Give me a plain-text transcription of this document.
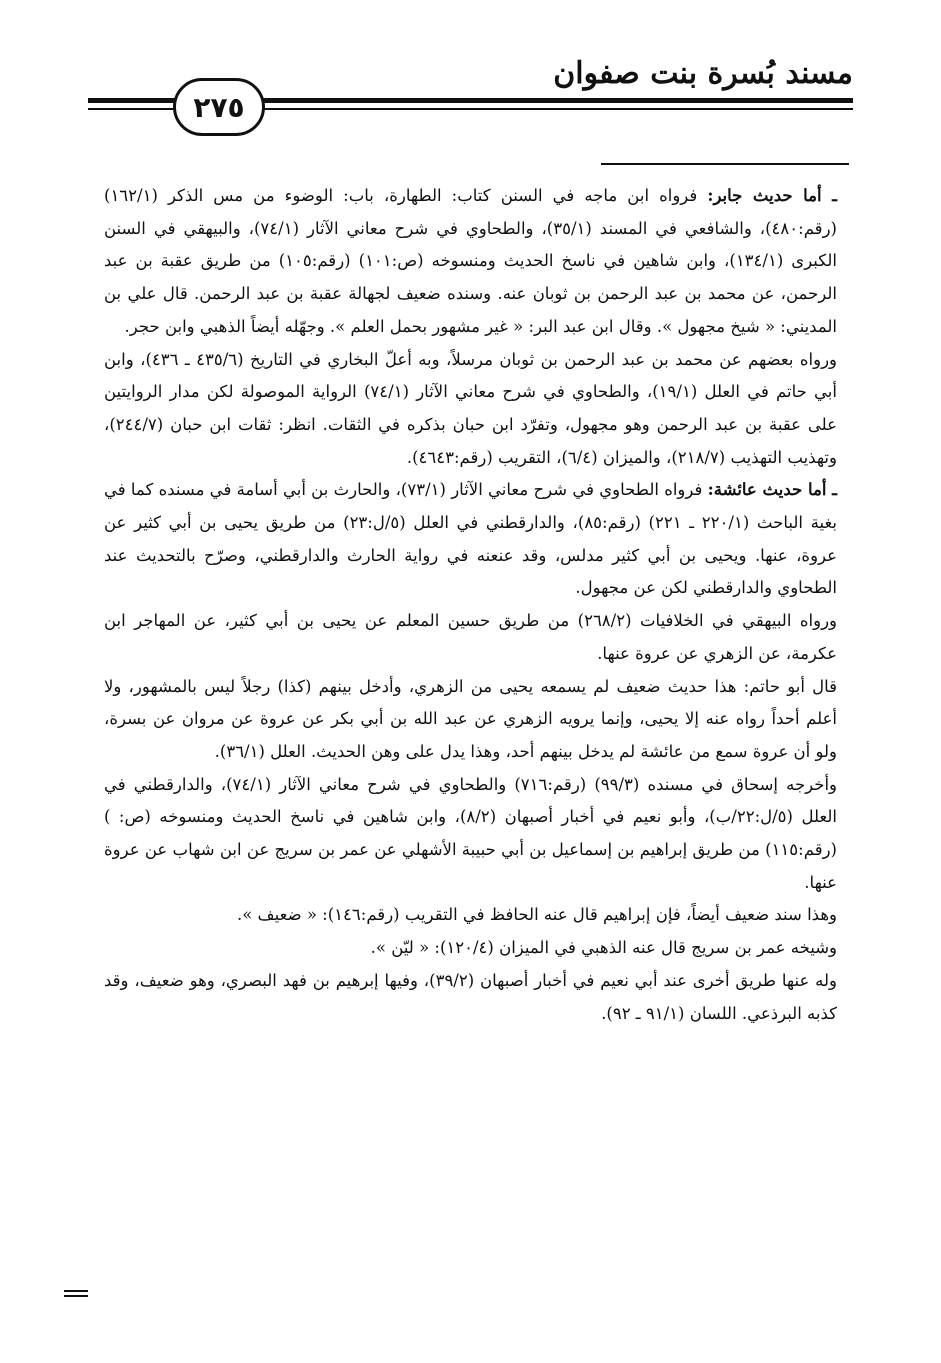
مسند بُسرة بنت صفوان
٢٧٥

ـ أما حديث جابر: فرواه ابن ماجه في السنن كتاب: الطهارة، باب: الوضوء من مس الذكر (١٦٢/١) (رقم:٤٨٠)، والشافعي في المسند (٣٥/١)، والطحاوي في شرح معاني الآثار (٧٤/١)، والبيهقي في السنن الكبرى (١٣٤/١)، وابن شاهين في ناسخ الحديث ومنسوخه (ص:١٠١) (رقم:١٠٥) من طريق عقبة بن عبد الرحمن، عن محمد بن عبد الرحمن بن ثوبان عنه. وسنده ضعيف لجهالة عقبة بن عبد الرحمن. قال علي بن المديني: « شيخ مجهول ». وقال ابن عبد البر: « غير مشهور بحمل العلم ». وجهّله أيضاً الذهبي وابن حجر.

ورواه بعضهم عن محمد بن عبد الرحمن بن ثوبان مرسلاً، وبه أعلّ البخاري في التاريخ (٤٣٥/٦ ـ ٤٣٦)، وابن أبي حاتم في العلل (١٩/١)، والطحاوي في شرح معاني الآثار (٧٤/١) الرواية الموصولة لكن مدار الروايتين على عقبة بن عبد الرحمن وهو مجهول، وتفرّد ابن حبان بذكره في الثقات. انظر: ثقات ابن حبان (٢٤٤/٧)، وتهذيب التهذيب (٢١٨/٧)، والميزان (٦/٤)، التقريب (رقم:٤٦٤٣).

ـ أما حديث عائشة: فرواه الطحاوي في شرح معاني الآثار (٧٣/١)، والحارث بن أبي أسامة في مسنده كما في بغية الباحث (٢٢٠/١ ـ ٢٢١) (رقم:٨٥)، والدارقطني في العلل (٥/ل:٢٣) من طريق يحيى بن أبي كثير عن عروة، عنها. ويحيى بن أبي كثير مدلس، وقد عنعنه في رواية الحارث والدارقطني، وصرّح بالتحديث عند الطحاوي والدارقطني لكن عن مجهول.

ورواه البيهقي في الخلافيات (٢٦٨/٢) من طريق حسين المعلم عن يحيى بن أبي كثير، عن المهاجر ابن عكرمة، عن الزهري عن عروة عنها.

قال أبو حاتم: هذا حديث ضعيف لم يسمعه يحيى من الزهري، وأدخل بينهم (كذا) رجلاً ليس بالمشهور، ولا أعلم أحداً رواه عنه إلا يحيى، وإنما يرويه الزهري عن عبد الله بن أبي بكر عن عروة عن مروان عن بسرة، ولو أن عروة سمع من عائشة لم يدخل بينهم أحد، وهذا يدل على وهن الحديث. العلل (٣٦/١).

وأخرجه إسحاق في مسنده (٩٩/٣) (رقم:٧١٦) والطحاوي في شرح معاني الآثار (٧٤/١)، والدارقطني في العلل (٥/ل:٢٢/ب)، وأبو نعيم في أخبار أصبهان (٨/٢)، وابن شاهين في ناسخ الحديث ومنسوخه (ص: ) (رقم:١١٥) من طريق إبراهيم بن إسماعيل بن أبي حبيبة الأشهلي عن عمر بن سريج عن ابن شهاب عن عروة عنها.

وهذا سند ضعيف أيضاً، فإن إبراهيم قال عنه الحافظ في التقريب (رقم:١٤٦): « ضعيف ».

وشيخه عمر بن سريج قال عنه الذهبي في الميزان (١٢٠/٤): « ليّن ».

وله عنها طريق أخرى عند أبي نعيم في أخبار أصبهان (٣٩/٢)، وفيها إبرهيم بن فهد البصري، وهو ضعيف، وقد كذبه البرذعي. اللسان (٩١/١ ـ ٩٢).
